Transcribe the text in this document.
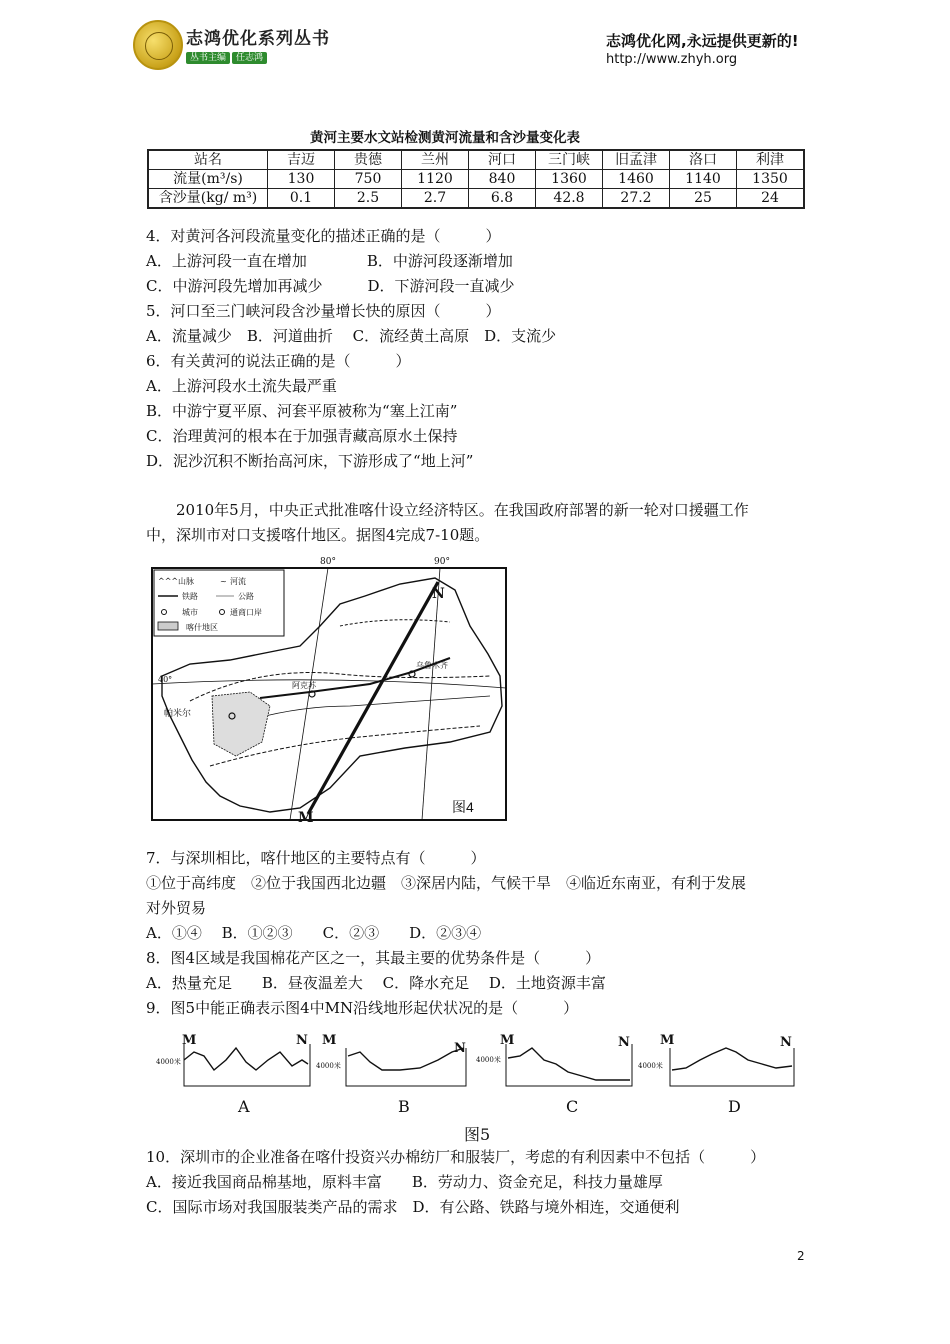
志鸿优化系列丛书
丛书主编	任志鸿
志鸿优化网,永远提供更新的!
http://www.zhyh.org
黄河主要水文站检测黄河流量和含沙量变化表
站名	吉迈	贵德	兰州	河口	三门峡	旧孟津	洛口	利津
流量(m³/s)	130	750	1120	840	1360	1460	1140	1350
含沙量(kg/ m³)	0.1	2.5	2.7	6.8	42.8	27.2	25	24
4．对黄河各河段流量变化的描述正确的是（　　　）
A．上游河段一直在增加　　　　B．中游河段逐渐增加
C．中游河段先增加再减少　　　D．下游河段一直减少
5．河口至三门峡河段含沙量增长快的原因（　　　）
A．流量减少　B．河道曲折　 C．流经黄土高原　D．支流少
6．有关黄河的说法正确的是（　　　）
A．上游河段水土流失最严重
B．中游宁夏平原、河套平原被称为“塞上江南”
C．治理黄河的根本在于加强青藏高原水土保持
D．泥沙沉积不断抬高河床，下游形成了“地上河”
　　2010年5月，中央正式批准喀什设立经济特区。在我国政府部署的新一轮对口援疆工作
中，深圳市对口支援喀什地区。据图4完成7-10题。
^^^ 山脉	~ 河流
铁路	公路
城市	通商口岸
喀什地区
80°	90°
40°
N
M
帕米尔
阿克苏
乌鲁木齐
图4
7．与深圳相比，喀什地区的主要特点有（　　　）
①位于高纬度　②位于我国西北边疆　③深居内陆，气候干旱　④临近东南亚，有利于发展
对外贸易
A．①④　 B．①②③　　C．②③　　D．②③④
8．图4区域是我国棉花产区之一，其最主要的优势条件是（　　　）
A．热量充足　　B．昼夜温差大　 C．降水充足　 D．土地资源丰富
9．图5中能正确表示图4中MN沿线地形起伏状况的是（　　　）
M	N
4000米
A
M
N
4000米
B
M	N
4000米
C
M	N
4000米
D
图5
10．深圳市的企业准备在喀什投资兴办棉纺厂和服装厂，考虑的有利因素中不包括（　　　）
A．接近我国商品棉基地，原料丰富　　B．劳动力、资金充足，科技力量雄厚
C．国际市场对我国服装类产品的需求　D．有公路、铁路与境外相连，交通便利
2
